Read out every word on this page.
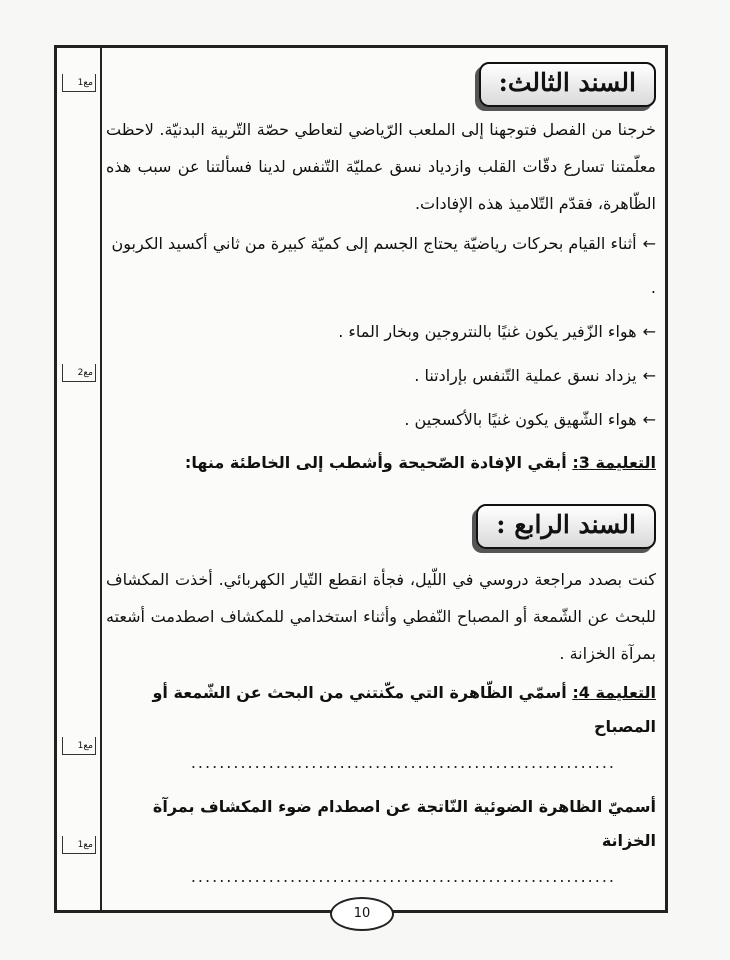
مع1
مع2
مع1
مع1
السند الثالث:

خرجنا من الفصل فتوجهنا إلى الملعب الرّياضي لتعاطي حصّة التّربية البدنيّة. لاحظت معلّمتنا تسارع دقّات القلب وازدياد نسق عمليّة التّنفس لدينا فسألتنا عن سبب هذه الظّاهرة، فقدّم التّلاميذ هذه الإفادات.

←أثناء القيام بحركات رياضيّة يحتاج الجسم إلى كميّة كبيرة من ثاني أكسيد الكربون .
←هواء الزّفير يكون غنيًا بالنتروجين وبخار الماء .
←يزداد نسق عملية التّنفس بإرادتنا .
←هواء الشّهيق يكون غنيًا بالأكسجين .
التعليمة 3: أبقي الإفادة الصّحيحة وأشطب إلى الخاطئة منها:
السند الرابع :

كنت بصدد مراجعة دروسي في اللّيل، فجأة انقطع التّيار الكهربائي. أخذت المكشاف للبحث عن الشّمعة أو المصباح النّفطي وأثناء استخدامي للمكشاف اصطدمت أشعته بمرآة الخزانة .

التعليمة 4: أسمّي الظّاهرة التي مكّنتني من البحث عن الشّمعة أو المصباح
............................................................
أسميّ الظاهرة الضوئية النّاتجة عن اصطدام ضوء المكشاف بمرآة الخزانة
............................................................
10
